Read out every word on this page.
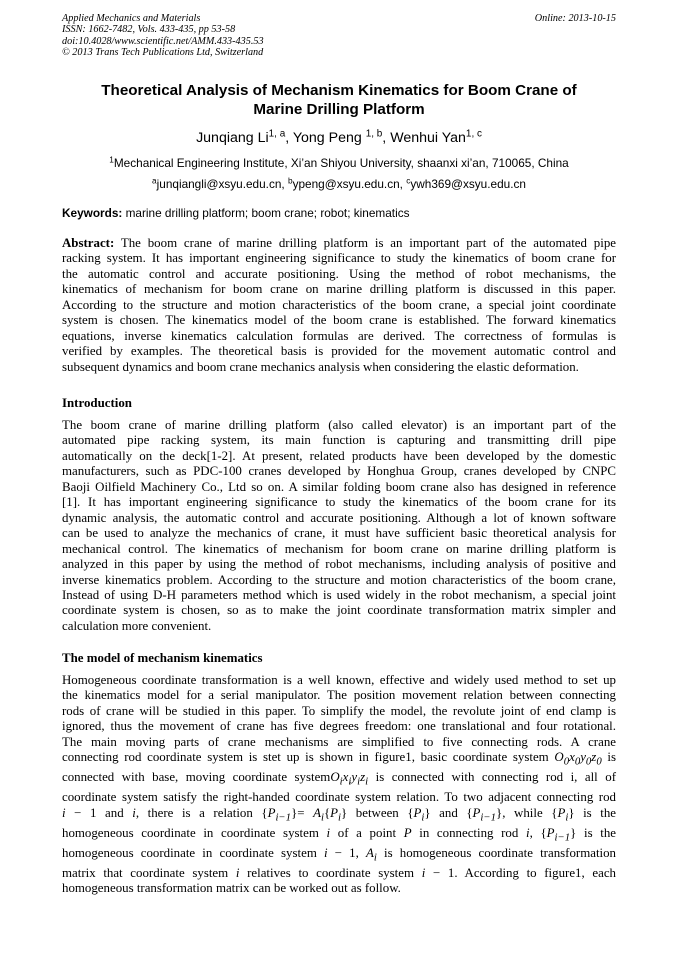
Applied Mechanics and Materials
ISSN: 1662-7482, Vols. 433-435, pp 53-58
doi:10.4028/www.scientific.net/AMM.433-435.53
© 2013 Trans Tech Publications Ltd, Switzerland
Online: 2013-10-15
Theoretical Analysis of Mechanism Kinematics for Boom Crane of
Marine Drilling Platform
Junqiang Li$^{1, a}$, Yong Peng $^{1, b}$, Wenhui Yan$^{1, c}$
$^1$Mechanical Engineering Institute, Xi’an Shiyou University, shaanxi xi’an, 710065, China
$^a$junqiangli@xsyu.edu.cn, $^b$ypeng@xsyu.edu.cn, $^c$ywh369@xsyu.edu.cn
Keywords: marine drilling platform; boom crane; robot; kinematics
Abstract: The boom crane of marine drilling platform is an important part of the automated pipe
racking system. It has important engineering significance to study the kinematics of boom crane for
the automatic control and accurate positioning. Using the method of robot mechanisms, the
kinematics of mechanism for boom crane on marine drilling platform is discussed in this paper.
According to the structure and motion characteristics of the boom crane, a special joint coordinate
system is chosen. The kinematics model of the boom crane is established. The forward kinematics
equations, inverse kinematics calculation formulas are derived. The correctness of formulas is
verified by examples. The theoretical basis is provided for the movement automatic control and
subsequent dynamics and boom crane mechanics analysis when considering the elastic deformation.
Introduction
The boom crane of marine drilling platform (also called elevator) is an important part of the
automated pipe racking system, its main function is capturing and transmitting drill pipe
automatically on the deck[1-2]. At present, related products have been developed by the domestic
manufacturers, such as PDC-100 cranes developed by Honghua Group, cranes developed by CNPC
Baoji Oilfield Machinery Co., Ltd so on. A similar folding boom crane also has designed in reference
[1]. It has important engineering significance to study the kinematics of the boom crane for its
dynamic analysis, the automatic control and accurate positioning. Although a lot of known software
can be used to analyze the mechanics of crane, it must have sufficient basic theoretical analysis for
mechanical control. The kinematics of mechanism for boom crane on marine drilling platform is
analyzed in this paper by using the method of robot mechanisms, including analysis of positive and
inverse kinematics problem. According to the structure and motion characteristics of the boom crane,
Instead of using D-H parameters method which is used widely in the robot mechanism, a special joint
coordinate system is chosen, so as to make the joint coordinate transformation matrix simpler and
calculation more convenient.
The model of mechanism kinematics
Homogeneous coordinate transformation is a well known, effective and widely used method to set up
the kinematics model for a serial manipulator. The position movement relation between connecting
rods of crane will be studied in this paper. To simplify the model, the revolute joint of end clamp is
ignored, thus the movement of crane has five degrees freedom: one translational and four rotational.
The main moving parts of crane mechanisms are simplified to five connecting rods. A crane
connecting rod coordinate system is stet up is shown in figure1, basic coordinate system $O_0x_0y_0z_0$ is
connected with base, moving coordinate $systemO_ix_iy_iz_i$ is connected with connecting rod i, all of
coordinate system satisfy the right-handed coordinate system relation. To two adjacent connecting rod
i − 1 and i, there is a relation $\{P_{i-1}\}= A_i\{P_i\}$ between $\{P_i\}$ and $\{P_{i-1}\}$, while $\{P_i\}$ is the
homogeneous coordinate in coordinate system i of a point P in connecting rod i, $\{P_{i-1}\}$ is the
homogeneous coordinate in coordinate system i − 1, $A_i$ is homogeneous coordinate transformation
matrix that coordinate system i relatives to coordinate system i − 1. According to figure1, each
homogeneous transformation matrix can be worked out as follow.
